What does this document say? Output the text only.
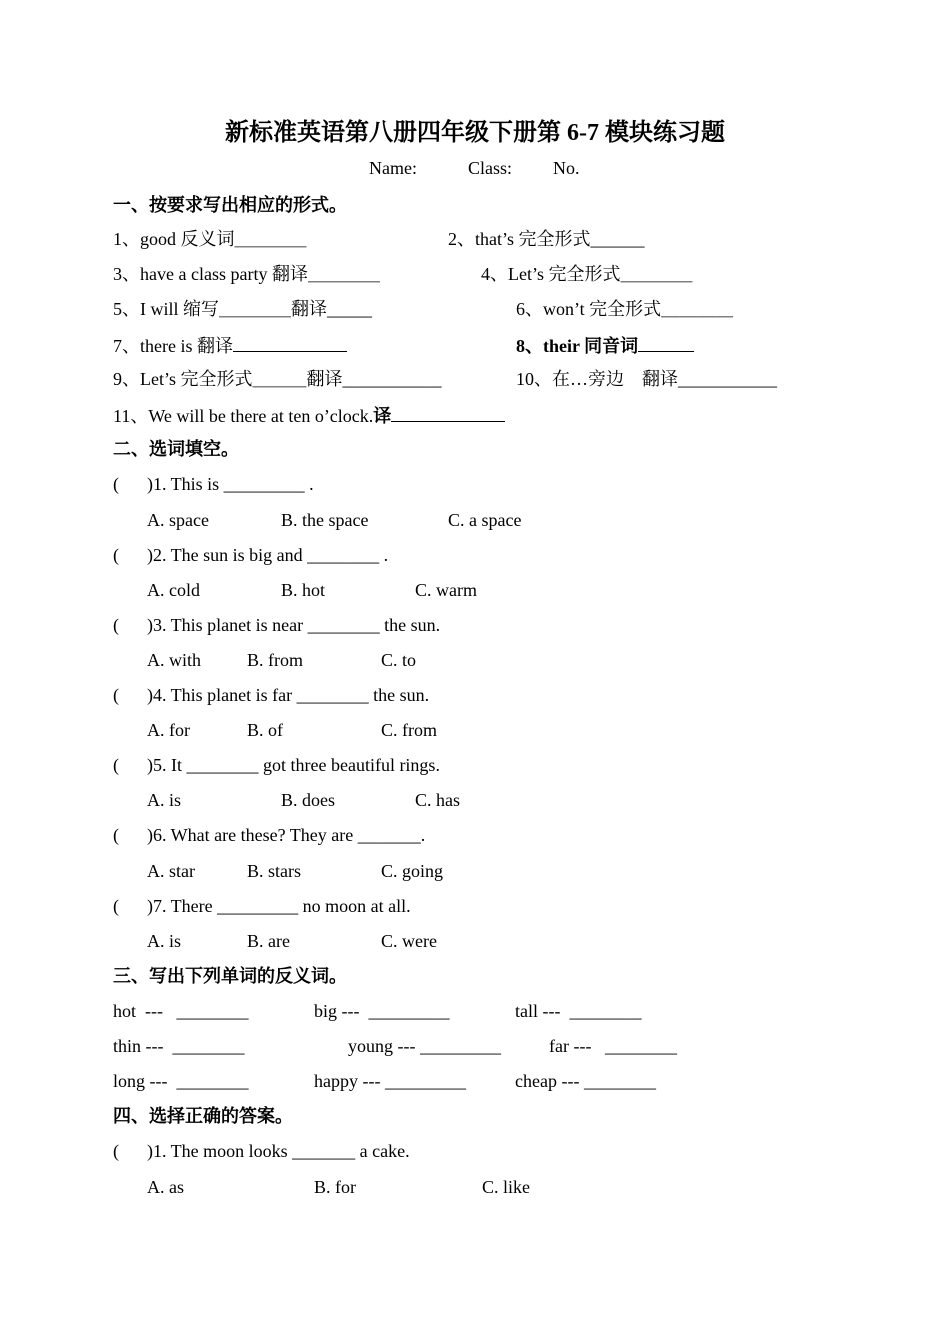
新标准英语第八册四年级下册第 6-7 模块练习题
Name:	Class: No.
一、按要求写出相应的形式。
1、good 反义词＿＿＿＿	2、that’s 完全形式______
3、have a class party 翻译＿＿＿＿	4、Let’s 完全形式＿＿＿＿
5、I will 缩写＿＿＿＿翻译_____	6、won’t 完全形式＿＿＿＿
7、there is 翻译	8、their 同音词
9、Let’s 完全形式＿＿＿翻译___________	10、在…旁边　翻译___________
11、We will be there at ten o’clock.译
二、选词填空。
( )1. This is _________ .
A. space	B. the space	C. a space
( )2. The sun is big and ________ .
A. cold	B. hot	C. warm
( )3. This planet is near ________ the sun.
A. with	B. from	C. to
( )4. This planet is far ________ the sun.
A. for	B. of	C. from
( )5. It ________ got three beautiful rings.
A. is	B. does	C. has
( )6. What are these? They are _______.
A. star	B. stars	C. going
( )7. There _________ no moon at all.
A. is	B. are	C. were
三、写出下列单词的反义词。
hot  ---   ________	big ---  _________	tall ---  ________
thin ---  ________	young --- _________	far ---   ________
long ---  ________	happy --- _________	cheap --- ________
四、选择正确的答案。
( )1. The moon looks _______ a cake.
A. as	B. for	C. like
